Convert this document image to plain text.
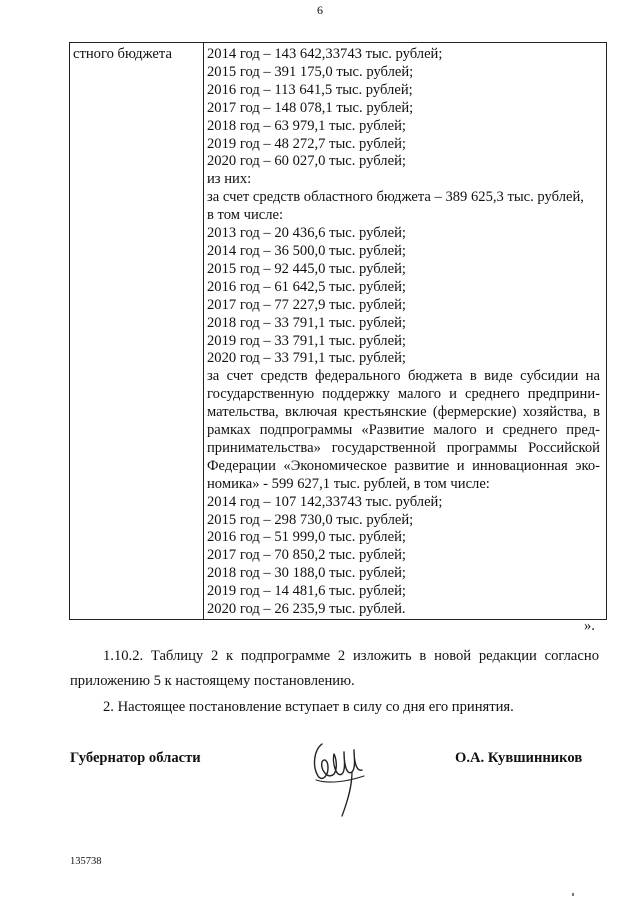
6
стного бюджета	2014 год – 143 642,33743 тыс. рублей;
2015 год – 391 175,0 тыс. рублей;
2016 год – 113 641,5 тыс. рублей;
2017 год – 148 078,1 тыс. рублей;
2018 год – 63 979,1 тыс. рублей;
2019 год – 48 272,7 тыс. рублей;
2020 год – 60 027,0 тыс. рублей;
из них:
за счет средств областного бюджета – 389 625,3 тыс. рублей,
в том числе:
2013 год – 20 436,6 тыс. рублей;
2014 год – 36 500,0 тыс. рублей;
2015 год – 92 445,0 тыс. рублей;
2016 год – 61 642,5 тыс. рублей;
2017 год – 77 227,9 тыс. рублей;
2018 год – 33 791,1 тыс. рублей;
2019 год – 33 791,1 тыс. рублей;
2020 год – 33 791,1 тыс. рублей;
за счет средств федерального бюджета в виде субсидии на
государственную поддержку малого и среднего предприни-
мательства, включая крестьянские (фермерские) хозяйства, в
рамках подпрограммы «Развитие малого и среднего пред-
принимательства» государственной программы Российской
Федерации «Экономическое развитие и инновационная эко-
номика» - 599 627,1 тыс. рублей, в том числе:
2014 год – 107 142,33743 тыс. рублей;
2015 год – 298 730,0 тыс. рублей;
2016 год – 51 999,0 тыс. рублей;
2017 год – 70 850,2 тыс. рублей;
2018 год – 30 188,0 тыс. рублей;
2019 год – 14 481,6 тыс. рублей;
2020 год – 26 235,9 тыс. рублей.
».
1.10.2. Таблицу 2 к подпрограмме 2 изложить в новой редакции согласно
приложению 5 к настоящему постановлению.
2. Настоящее постановление вступает в силу со дня его принятия.
Губернатор области	О.А. Кувшинников
135738
